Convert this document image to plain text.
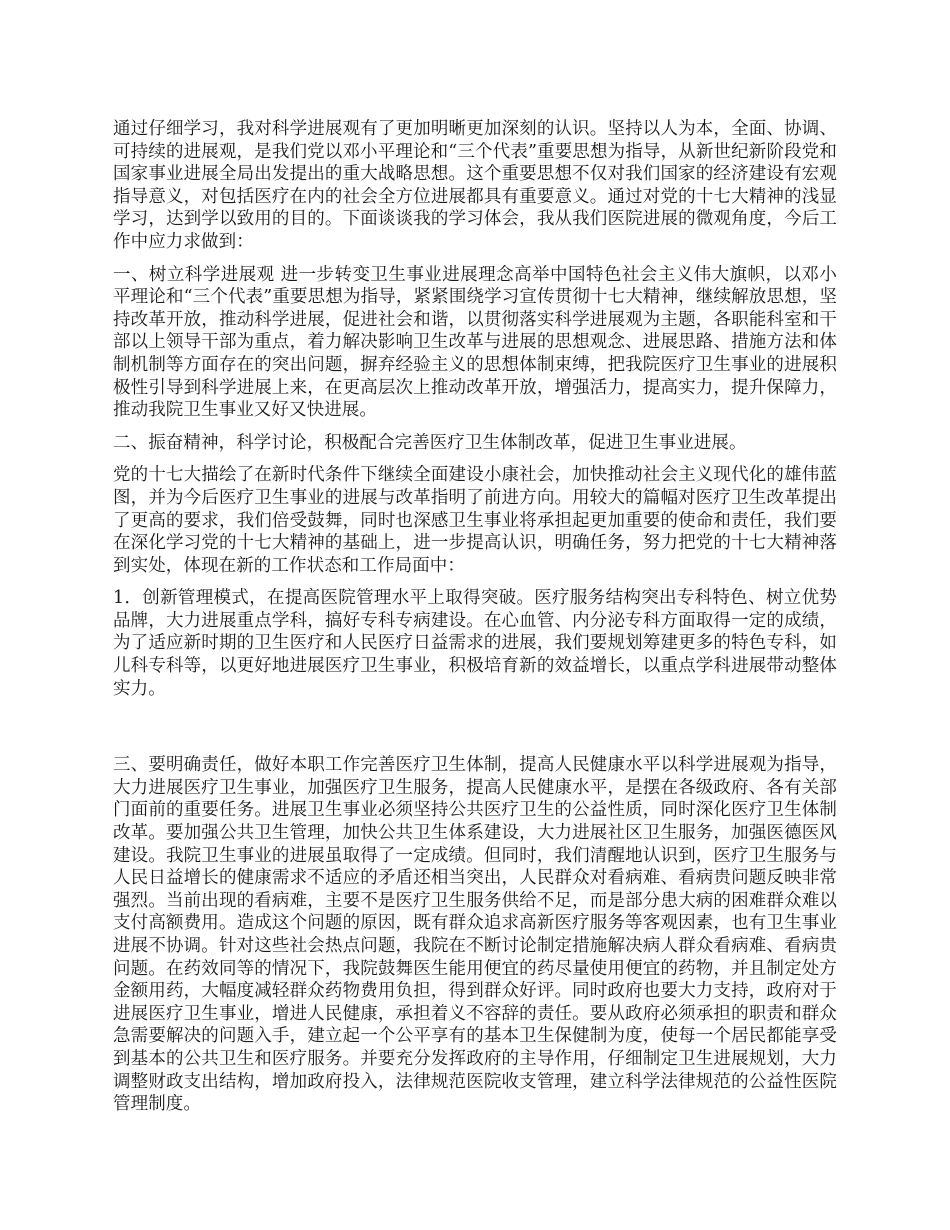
通过仔细学习，我对科学进展观有了更加明晰更加深刻的认识。坚持以人为本，全面、协调、可持续的进展观，是我们党以邓小平理论和“三个代表”重要思想为指导，从新世纪新阶段党和国家事业进展全局出发提出的重大战略思想。这个重要思想不仅对我们国家的经济建设有宏观指导意义，对包括医疗在内的社会全方位进展都具有重要意义。通过对党的十七大精神的浅显学习，达到学以致用的目的。下面谈谈我的学习体会，我从我们医院进展的微观角度，今后工作中应力求做到：

一、树立科学进展观 进一步转变卫生事业进展理念高举中国特色社会主义伟大旗帜，以邓小平理论和“三个代表”重要思想为指导，紧紧围绕学习宣传贯彻十七大精神，继续解放思想，坚持改革开放，推动科学进展，促进社会和谐，以贯彻落实科学进展观为主题，各职能科室和干部以上领导干部为重点，着力解决影响卫生改革与进展的思想观念、进展思路、措施方法和体制机制等方面存在的突出问题，摒弃经验主义的思想体制束缚，把我院医疗卫生事业的进展积极性引导到科学进展上来，在更高层次上推动改革开放，增强活力，提高实力，提升保障力，推动我院卫生事业又好又快进展。

二、振奋精神，科学讨论，积极配合完善医疗卫生体制改革，促进卫生事业进展。

党的十七大描绘了在新时代条件下继续全面建设小康社会，加快推动社会主义现代化的雄伟蓝图，并为今后医疗卫生事业的进展与改革指明了前进方向。用较大的篇幅对医疗卫生改革提出了更高的要求，我们倍受鼓舞，同时也深感卫生事业将承担起更加重要的使命和责任，我们要在深化学习党的十七大精神的基础上，进一步提高认识，明确任务，努力把党的十七大精神落到实处，体现在新的工作状态和工作局面中：

1．创新管理模式，在提高医院管理水平上取得突破。医疗服务结构突出专科特色、树立优势品牌，大力进展重点学科，搞好专科专病建设。在心血管、内分泌专科方面取得一定的成绩，为了适应新时期的卫生医疗和人民医疗日益需求的进展，我们要规划筹建更多的特色专科，如儿科专科等，以更好地进展医疗卫生事业，积极培育新的效益增长，以重点学科进展带动整体实力。

三、要明确责任，做好本职工作完善医疗卫生体制，提高人民健康水平以科学进展观为指导，大力进展医疗卫生事业，加强医疗卫生服务，提高人民健康水平，是摆在各级政府、各有关部门面前的重要任务。进展卫生事业必须坚持公共医疗卫生的公益性质，同时深化医疗卫生体制改革。要加强公共卫生管理，加快公共卫生体系建设，大力进展社区卫生服务，加强医德医风建设。我院卫生事业的进展虽取得了一定成绩。但同时，我们清醒地认识到，医疗卫生服务与人民日益增长的健康需求不适应的矛盾还相当突出，人民群众对看病难、看病贵问题反映非常强烈。当前出现的看病难，主要不是医疗卫生服务供给不足，而是部分患大病的困难群众难以支付高额费用。造成这个问题的原因，既有群众追求高新医疗服务等客观因素，也有卫生事业进展不协调。针对这些社会热点问题，我院在不断讨论制定措施解决病人群众看病难、看病贵问题。在药效同等的情况下，我院鼓舞医生能用便宜的药尽量使用便宜的药物，并且制定处方金额用药，大幅度减轻群众药物费用负担，得到群众好评。同时政府也要大力支持，政府对于进展医疗卫生事业，增进人民健康，承担着义不容辞的责任。要从政府必须承担的职责和群众急需要解决的问题入手，建立起一个公平享有的基本卫生保健制为度，使每一个居民都能享受到基本的公共卫生和医疗服务。并要充分发挥政府的主导作用，仔细制定卫生进展规划，大力调整财政支出结构，增加政府投入，法律规范医院收支管理，建立科学法律规范的公益性医院管理制度。
